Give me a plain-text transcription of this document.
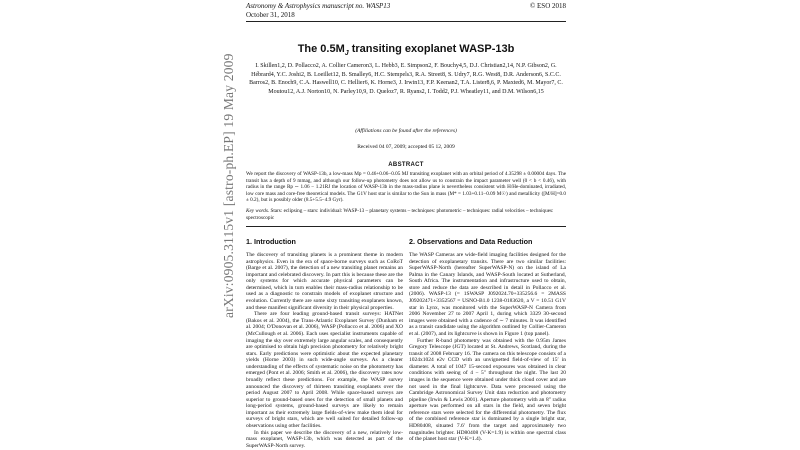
Astronomy & Astrophysics manuscript no. WASP13
October 31, 2018
© ESO 2018
arXiv:0905.3115v1 [astro-ph.EP] 19 May 2009
The $0.5M_J$ transiting exoplanet WASP-13b
I. Skillen1,2, D. Pollacco2, A. Collier Cameron3, L. Hebb3, E. Simpson2, F. Bouchy4,5, D.J. Christian2,14, N.P. Gibson2, G. Hébrard4, Y.C. Joshi2, B. Loeillet12, B. Smalley6, H.C. Stempels3, R.A. Street8, S. Udry7, R.G. West8, D.R. Anderson6, S.C.C. Barros2, B. Enoch9, C.A. Haswell10, C. Hellier6, K. Horne3, J. Irwin13, F.P. Keenan2, T.A. Lister8,6, P. Maxted6, M. Mayor7, C. Moutou12, A.J. Norton10, N. Parley10,9, D. Queloz7, R. Ryans2, I. Todd2, P.J. Wheatley11, and D.M. Wilson6,15
(Affiliations can be found after the references)
Received 04 07, 2009; accepted 05 12, 2009
ABSTRACT
We report the discovery of WASP-13b, a low-mass Mp = 0.46+0.06−0.05 MJ transiting exoplanet with an orbital period of 4.35298 ± 0.00004 days. The transit has a depth of 9 mmag, and although our follow-up photometry does not allow us to constrain the impact parameter well (0 < b < 0.46), with radius in the range Rp ∼ 1.06 − 1.21RJ the location of WASP-13b in the mass-radius plane is nevertheless consistent with H/He-dominated, irradiated, low core mass and core-free theoretical models. The G1V host star is similar to the Sun in mass (M* = 1.03+0.11−0.09 M☉) and metallicity ([M/H]=0.0 ± 0.2), but is possibly older (8.5+5.5−4.9 Gyr).
Key words. Stars: eclipsing – stars: individual: WASP-13 – planetary systems – techniques: photometric – techniques: radial velocities – techniques: spectroscopic
1. Introduction

The discovery of transiting planets is a prominent theme in modern astrophysics. Even in the era of space-borne surveys such as CoRoT (Barge et al. 2007), the detection of a new transiting planet remains an important and celebrated discovery. In part this is because these are the only systems for which accurate physical parameters can be determined, which in turn enables their mass-radius relationship to be used as a diagnostic to constrain models of exoplanet structure and evolution. Currently there are some sixty transiting exoplanets known, and these manifest significant diversity in their physical properties.

There are four leading ground-based transit surveys: HATNet (Bakos et al. 2004), the Trans-Atlantic Exoplanet Survey (Dunham et al. 2004; O'Donovan et al. 2006), WASP (Pollacco et al. 2006) and XO (McCullough et al. 2006). Each uses specialist instruments capable of imaging the sky over extremely large angular scales, and consequently are optimised to obtain high precision photometry for relatively bright stars. Early predictions were optimistic about the expected planetary yields (Horne 2003) in such wide-angle surveys. As a clearer understanding of the effects of systematic noise on the photometry has emerged (Pont et al. 2006; Smith et al. 2006), the discovery rates now broadly reflect these predictions. For example, the WASP survey announced the discovery of thirteen transiting exoplanets over the period August 2007 to April 2008. While space-based surveys are superior to ground-based ones for the detection of small planets and long-period systems, ground-based surveys are likely to remain important as their extremely large fields-of-view make them ideal for surveys of bright stars, which are well suited for detailed follow-up observations using other facilities.

In this paper we describe the discovery of a new, relatively low-mass exoplanet, WASP-13b, which was detected as part of the SuperWASP-North survey.

2. Observations and Data Reduction

The WASP Cameras are wide-field imaging facilities designed for the detection of exoplanetary transits. There are two similar facilities: SuperWASP-North (hereafter SuperWASP-N) on the island of La Palma in the Canary Islands, and WASP-South located at Sutherland, South Africa. The instrumentation and infrastructure used to obtain, store and reduce the data are described in detail in Pollacco et al. (2006). WASP-13 (= 1SWASP J092024.70+335256.6 = 2MASS J09202471+3352567 = USNO-B1.0 1238-0183620, a V = 10.51 G1V star in Lynx, was monitored with the SuperWASP-N Camera from 2006 November 27 to 2007 April 1, during which 3329 30-second images were obtained with a cadence of ∼ 7 minutes. It was identified as a transit candidate using the algorithm outlined by Collier-Cameron et al. (2007), and its lightcurve is shown in Figure 1 (top panel).

Further R-band photometry was obtained with the 0.95m James Gregory Telescope (JGT) located at St. Andrews, Scotland, during the transit of 2008 February 16. The camera on this telescope consists of a 1024x1024 e2v CCD with an unvignetted field-of-view of 15′ in diameter. A total of 1047 15-second exposures was obtained in clear conditions with seeing of 4 − 5″ throughout the night. The last 20 images in the sequence were obtained under thick cloud cover and are not used in the final lightcurve. Data were processed using the Cambridge Astronomical Survey Unit data reduction and photometry pipeline (Irwin & Lewis 2001). Aperture photometry with an 8″ radius aperture was performed on all stars in the field, and seven bright reference stars were selected for the differential photometry. The flux of the combined reference star is dominated by a single bright star, HD80408, situated 7.6′ from the target and approximately two magnitudes brighter. HD80408 (V-K=1.9) is within one spectral class of the planet host star (V-K=1.4).
